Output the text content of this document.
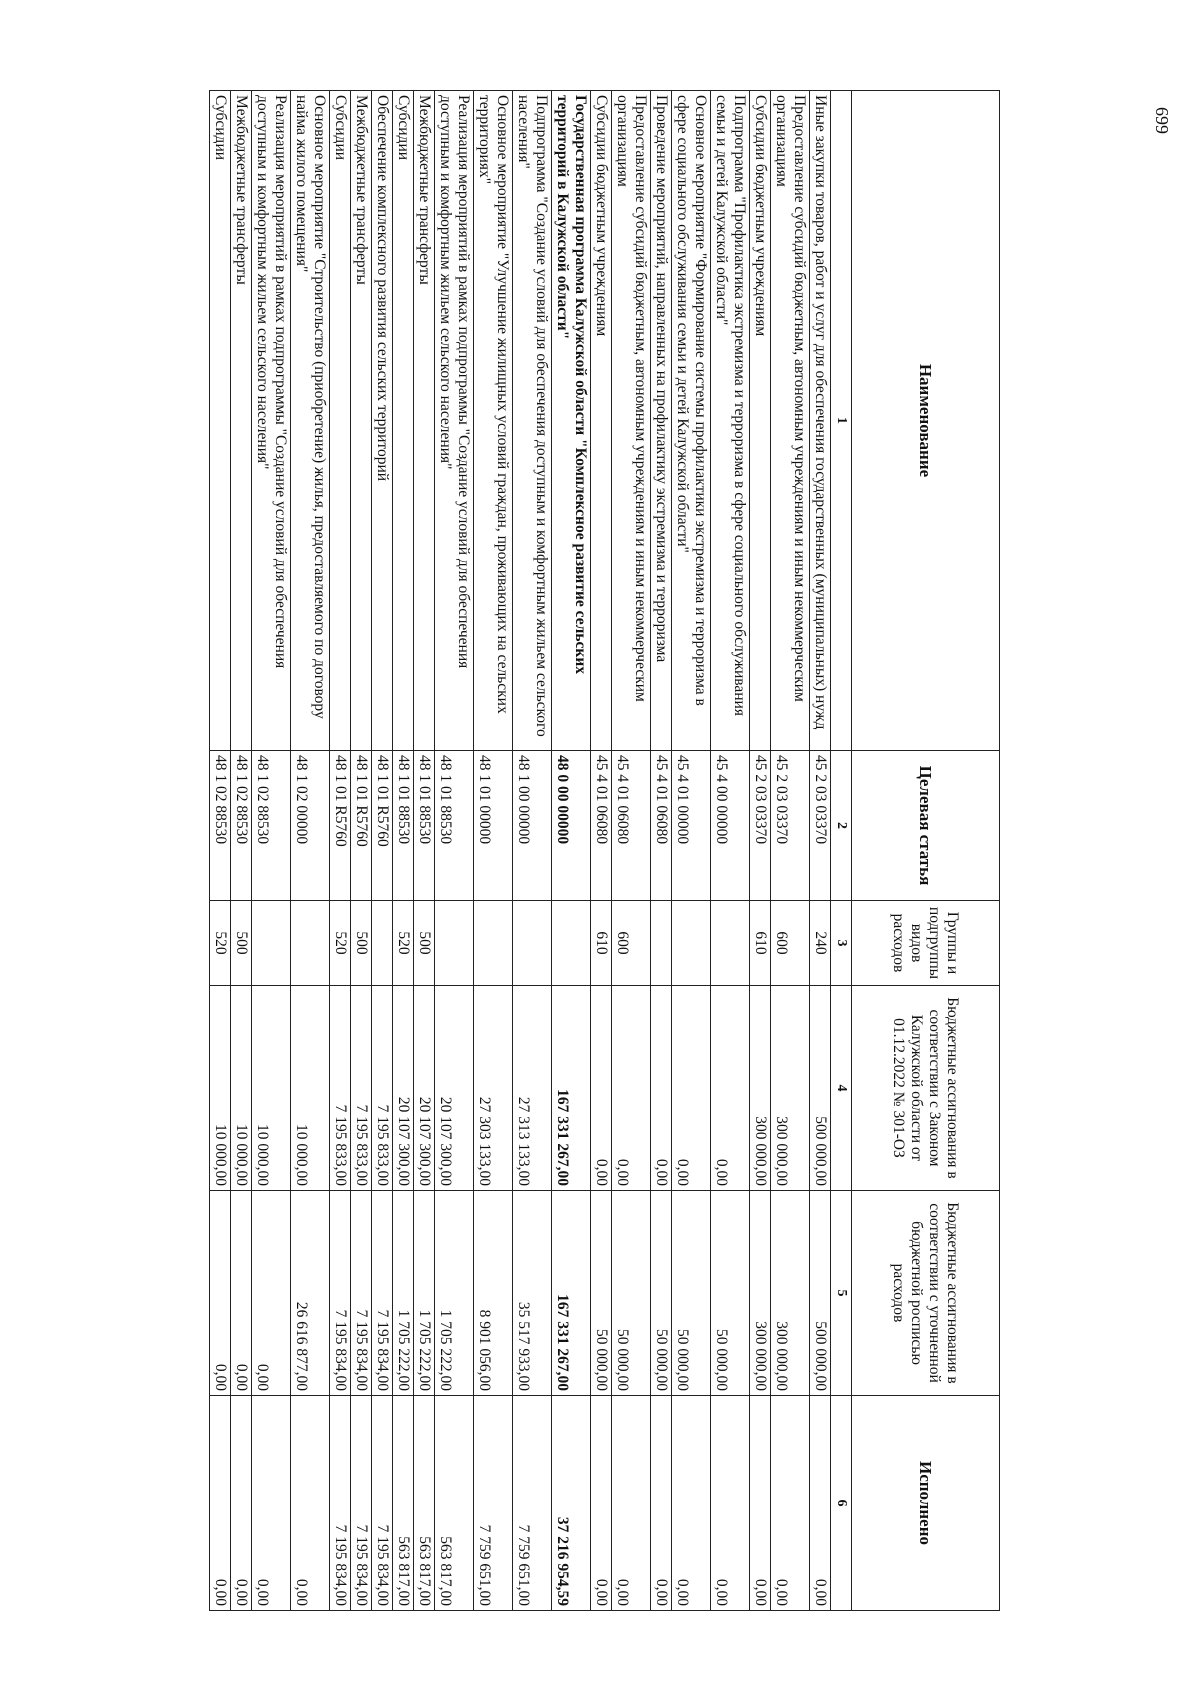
Наименование	Целевая статья	Группы и подгруппы видов расходов	Бюджетные ассигнования в соответствии с Законом Калужской области от 01.12.2022 № 301-ОЗ	Бюджетные ассигнования в соответствии с уточненной бюджетной росписью расходов	Исполнено
1	2	3	4	5	6
Иные закупки товаров, работ и услуг для обеспечения государственных (муниципальных) нужд	45 2 03 03370	240	500 000,00	500 000,00	0,00
Предоставление субсидий бюджетным, автономным учреждениям и иным некоммерческим организациям	45 2 03 03370	600	300 000,00	300 000,00	0,00
Субсидии бюджетным учреждениям	45 2 03 03370	610	300 000,00	300 000,00	0,00
Подпрограмма "Профилактика экстремизма и терроризма в сфере социального обслуживания семьи и детей Калужской области"	45 4 00 00000		0,00	50 000,00	0,00
Основное мероприятие "Формирование системы профилактики экстремизма и терроризма в сфере социального обслуживания семьи и детей Калужской области"	45 4 01 00000		0,00	50 000,00	0,00
Проведение мероприятий, направленных на профилактику экстремизма и терроризма	45 4 01 06080		0,00	50 000,00	0,00
Предоставление субсидий бюджетным, автономным учреждениям и иным некоммерческим организациям	45 4 01 06080	600	0,00	50 000,00	0,00
Субсидии бюджетным учреждениям	45 4 01 06080	610	0,00	50 000,00	0,00
Государственная программа Калужской области "Комплексное развитие сельских территорий в Калужской области"	48 0 00 00000		167 331 267,00	167 331 267,00	37 216 954,59
Подпрограмма "Создание условий для обеспечения доступным и комфортным жильем сельского населения"	48 1 00 00000		27 313 133,00	35 517 933,00	7 759 651,00
Основное мероприятие "Улучшение жилищных условий граждан, проживающих на сельских территориях"	48 1 01 00000		27 303 133,00	8 901 056,00	7 759 651,00
Реализация мероприятий в рамках подпрограммы "Создание условий для обеспечения доступным и комфортным жильем сельского населения"	48 1 01 88530		20 107 300,00	1 705 222,00	563 817,00
Межбюджетные трансферты	48 1 01 88530	500	20 107 300,00	1 705 222,00	563 817,00
Субсидии	48 1 01 88530	520	20 107 300,00	1 705 222,00	563 817,00
Обеспечение комплексного развития сельских территорий	48 1 01 R5760		7 195 833,00	7 195 834,00	7 195 834,00
Межбюджетные трансферты	48 1 01 R5760	500	7 195 833,00	7 195 834,00	7 195 834,00
Субсидии	48 1 01 R5760	520	7 195 833,00	7 195 834,00	7 195 834,00
Основное мероприятие "Строительство (приобретение) жилья, предоставляемого по договору найма жилого помещения"	48 1 02 00000		10 000,00	26 616 877,00	0,00
Реализация мероприятий в рамках подпрограммы "Создание условий для обеспечения доступным и комфортным жильем сельского населения"	48 1 02 88530		10 000,00	0,00	0,00
Межбюджетные трансферты	48 1 02 88530	500	10 000,00	0,00	0,00
Субсидии	48 1 02 88530	520	10 000,00	0,00	0,00
699
